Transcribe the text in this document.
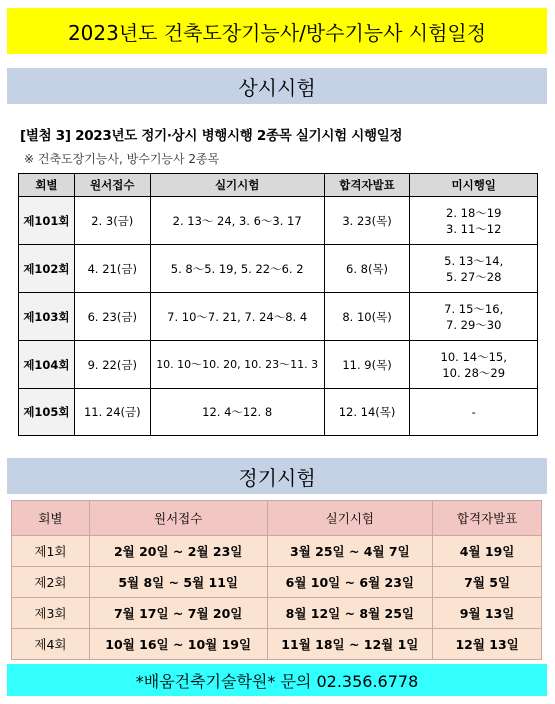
2023년도 건축도장기능사/방수기능사 시험일정
상시시험
[별첨 3] 2023년도 정기·상시 병행시행 2종목 실기시험 시행일정
※ 건축도장기능사, 방수기능사 2종목
회별	원서접수	실기시험	합격자발표	미시행일
제101회	2. 3(금)	2. 13～ 24, 3. 6～3. 17	3. 23(목)	2. 18～19
3. 11～12
제102회	4. 21(금)	5. 8～5. 19, 5. 22～6. 2	6. 8(목)	5. 13～14,
5. 27～28
제103회	6. 23(금)	7. 10～7. 21, 7. 24～8. 4	8. 10(목)	7. 15～16,
7. 29～30
제104회	9. 22(금)	10. 10～10. 20, 10. 23～11. 3	11. 9(목)	10. 14～15,
10. 28～29
제105회	11. 24(금)	12. 4～12. 8	12. 14(목)	-
정기시험
회별	원서접수	실기시험	합격자발표
제1회	2월 20일 ~ 2월 23일	3월 25일 ~ 4월 7일	4월 19일
제2회	5월 8일 ~ 5월 11일	6월 10일 ~ 6월 23일	7월 5일
제3회	7월 17일 ~ 7월 20일	8월 12일 ~ 8월 25일	9월 13일
제4회	10월 16일 ~ 10월 19일	11월 18일 ~ 12월 1일	12월 13일
*배움건축기술학원* 문의 02.356.6778
